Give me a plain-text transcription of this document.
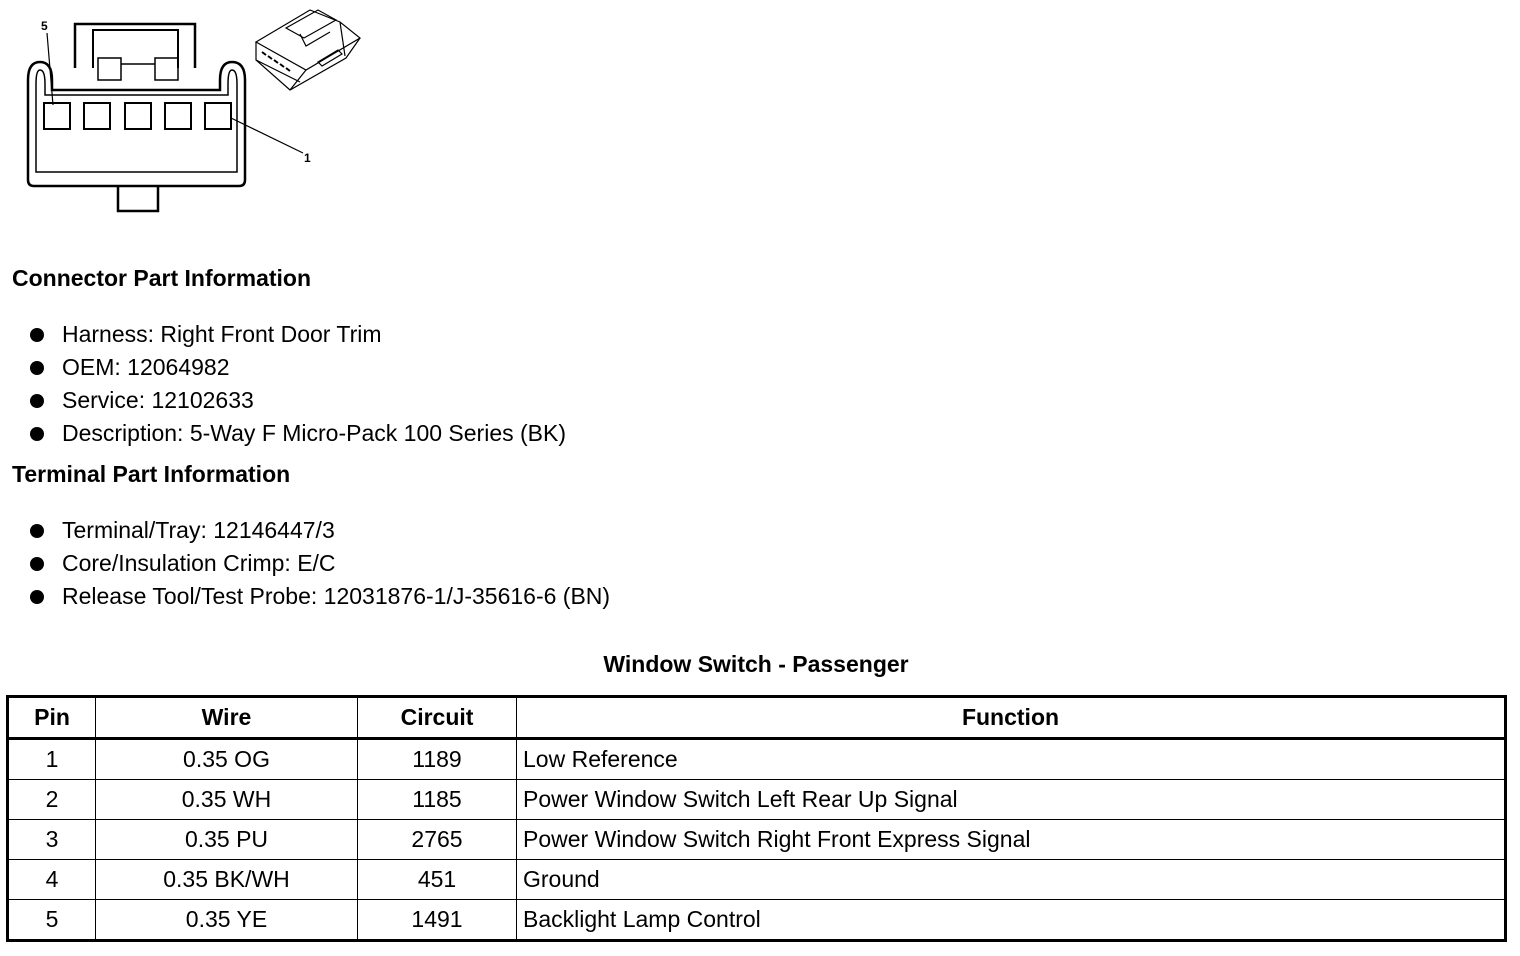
5
1
Connector Part Information
Harness: Right Front Door Trim
OEM: 12064982
Service: 12102633
Description: 5-Way F Micro-Pack 100 Series (BK)
Terminal Part Information
Terminal/Tray: 12146447/3
Core/Insulation Crimp: E/C
Release Tool/Test Probe: 12031876-1/J-35616-6 (BN)
Window Switch - Passenger
Pin	Wire	Circuit	Function
1	0.35 OG	1189	Low Reference
2	0.35 WH	1185	Power Window Switch Left Rear Up Signal
3	0.35 PU	2765	Power Window Switch Right Front Express Signal
4	0.35 BK/WH	451	Ground
5	0.35 YE	1491	Backlight Lamp Control
